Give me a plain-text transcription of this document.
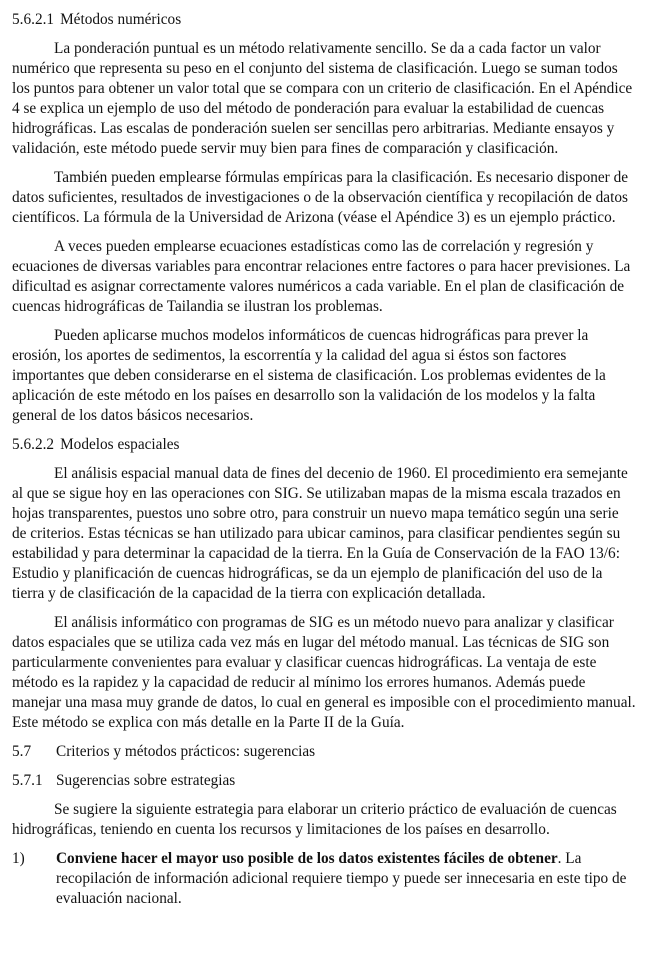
5.6.2.1 Métodos numéricos

La ponderación puntual es un método relativamente sencillo. Se da a cada factor un valor numérico que representa su peso en el conjunto del sistema de clasificación. Luego se suman todos los puntos para obtener un valor total que se compara con un criterio de clasificación. En el Apéndice 4 se explica un ejemplo de uso del método de ponderación para evaluar la estabilidad de cuencas hidrográficas. Las escalas de ponderación suelen ser sencillas pero arbitrarias. Mediante ensayos y validación, este método puede servir muy bien para fines de comparación y clasificación.

También pueden emplearse fórmulas empíricas para la clasificación. Es necesario disponer de datos suficientes, resultados de investigaciones o de la observación científica y recopilación de datos científicos. La fórmula de la Universidad de Arizona (véase el Apéndice 3) es un ejemplo práctico.

A veces pueden emplearse ecuaciones estadísticas como las de correlación y regresión y ecuaciones de diversas variables para encontrar relaciones entre factores o para hacer previsiones. La dificultad es asignar correctamente valores numéricos a cada variable. En el plan de clasificación de cuencas hidrográficas de Tailandia se ilustran los problemas.

Pueden aplicarse muchos modelos informáticos de cuencas hidrográficas para prever la erosión, los aportes de sedimentos, la escorrentía y la calidad del agua si éstos son factores importantes que deben considerarse en el sistema de clasificación. Los problemas evidentes de la aplicación de este método en los países en desarrollo son la validación de los modelos y la falta general de los datos básicos necesarios.

5.6.2.2 Modelos espaciales

El análisis espacial manual data de fines del decenio de 1960. El procedimiento era semejante al que se sigue hoy en las operaciones con SIG. Se utilizaban mapas de la misma escala trazados en hojas transparentes, puestos uno sobre otro, para construir un nuevo mapa temático según una serie de criterios. Estas técnicas se han utilizado para ubicar caminos, para clasificar pendientes según su estabilidad y para determinar la capacidad de la tierra. En la Guía de Conservación de la FAO 13/6: Estudio y planificación de cuencas hidrográficas, se da un ejemplo de planificación del uso de la tierra y de clasificación de la capacidad de la tierra con explicación detallada.

El análisis informático con programas de SIG es un método nuevo para analizar y clasificar datos espaciales que se utiliza cada vez más en lugar del método manual. Las técnicas de SIG son particularmente convenientes para evaluar y clasificar cuencas hidrográficas. La ventaja de este método es la rapidez y la capacidad de reducir al mínimo los errores humanos. Además puede manejar una masa muy grande de datos, lo cual en general es imposible con el procedimiento manual. Este método se explica con más detalle en la Parte II de la Guía.

5.7	Criterios y métodos prácticos: sugerencias
5.7.1 Sugerencias sobre estrategias

Se sugiere la siguiente estrategia para elaborar un criterio práctico de evaluación de cuencas hidrográficas, teniendo en cuenta los recursos y limitaciones de los países en desarrollo.

1)	Conviene hacer el mayor uso posible de los datos existentes fáciles de obtener. La recopilación de información adicional requiere tiempo y puede ser innecesaria en este tipo de evaluación nacional.
